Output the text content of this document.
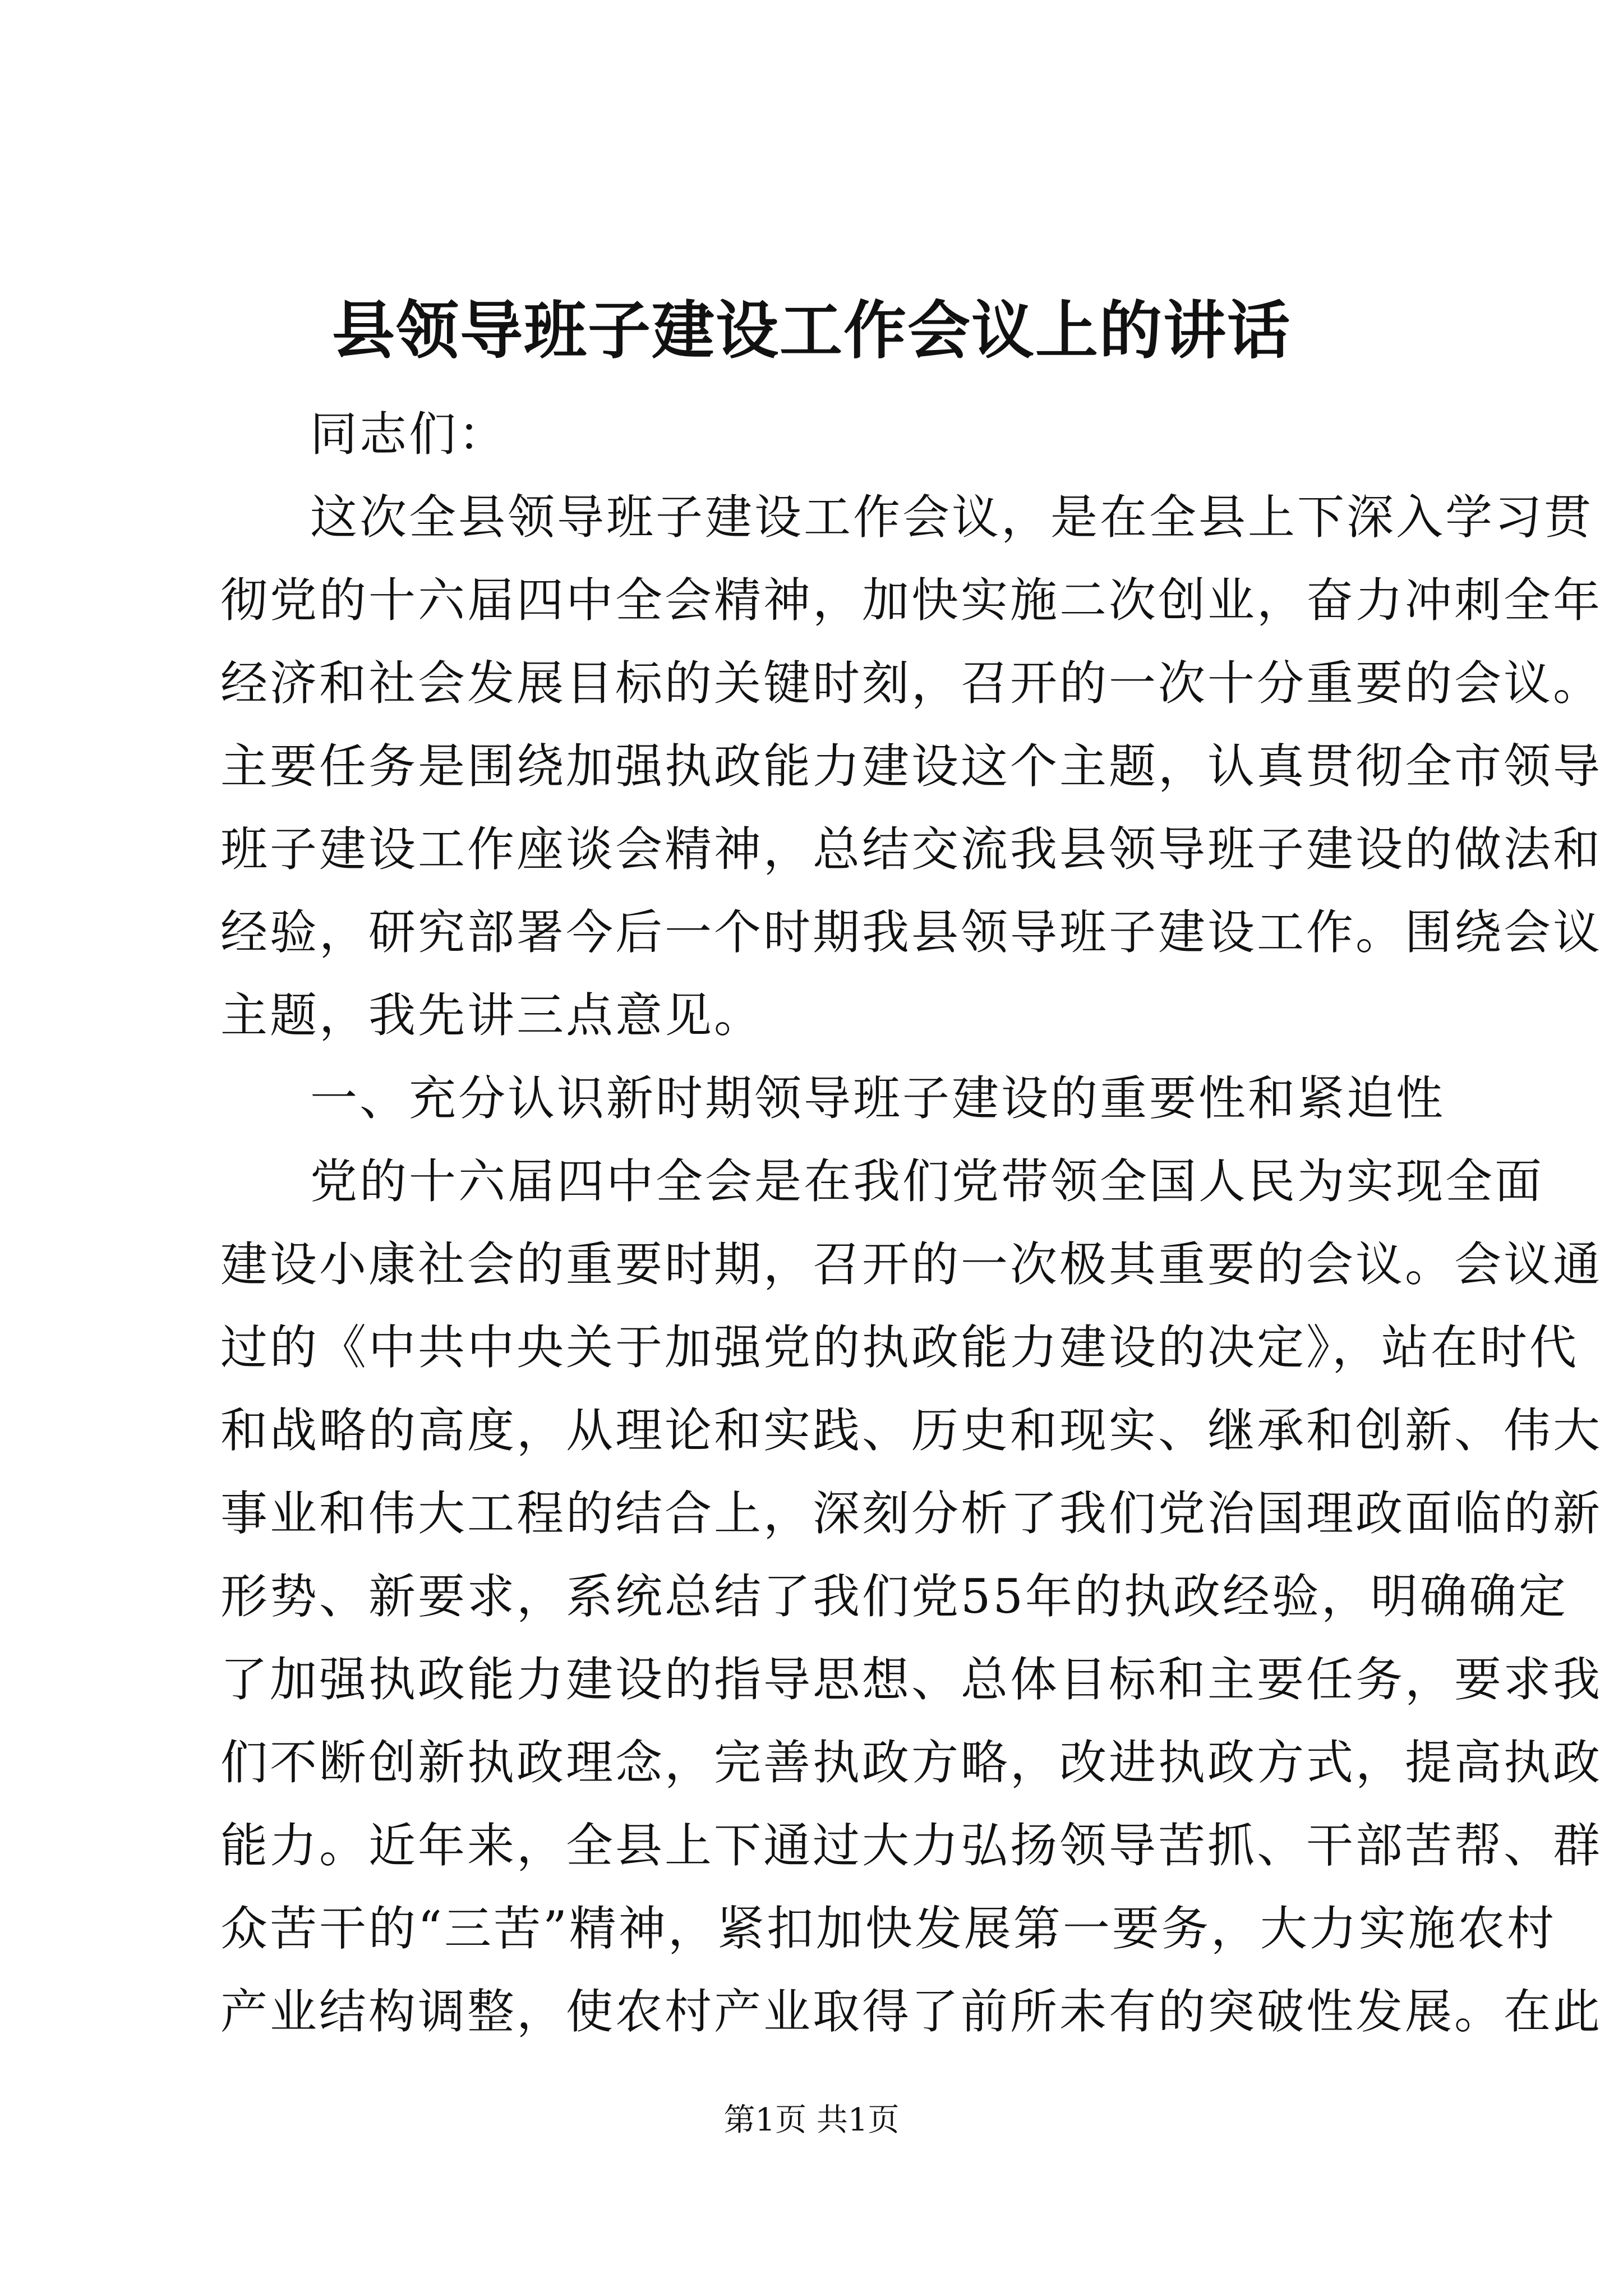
县领导班子建设工作会议上的讲话
同志们：
这次全县领导班子建设工作会议，是在全县上下深入学习贯
彻党的十六届四中全会精神，加快实施二次创业，奋力冲刺全年
经济和社会发展目标的关键时刻，召开的一次十分重要的会议。
主要任务是围绕加强执政能力建设这个主题，认真贯彻全市领导
班子建设工作座谈会精神，总结交流我县领导班子建设的做法和
经验，研究部署今后一个时期我县领导班子建设工作。围绕会议
主题，我先讲三点意见。
一、充分认识新时期领导班子建设的重要性和紧迫性
党的十六届四中全会是在我们党带领全国人民为实现全面
建设小康社会的重要时期，召开的一次极其重要的会议。会议通
过的《中共中央关于加强党的执政能力建设的决定》，站在时代
和战略的高度，从理论和实践、历史和现实、继承和创新、伟大
事业和伟大工程的结合上，深刻分析了我们党治国理政面临的新
形势、新要求，系统总结了我们党55年的执政经验，明确确定
了加强执政能力建设的指导思想、总体目标和主要任务，要求我
们不断创新执政理念，完善执政方略，改进执政方式，提高执政
能力。近年来，全县上下通过大力弘扬领导苦抓、干部苦帮、群
众苦干的“三苦”精神，紧扣加快发展第一要务，大力实施农村
产业结构调整，使农村产业取得了前所未有的突破性发展。在此
第1页 共1页
